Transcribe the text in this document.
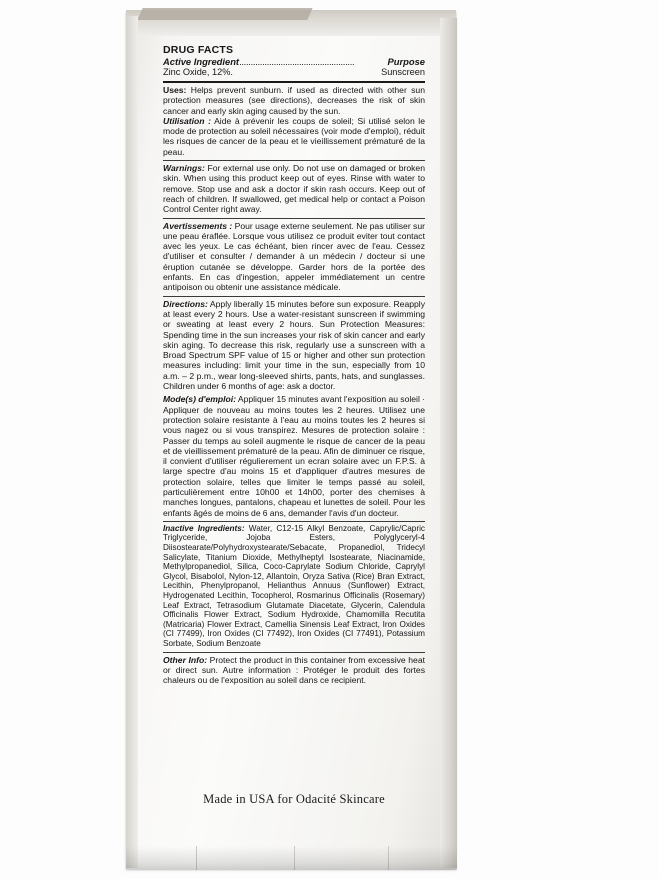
DRUG FACTS
Active Ingredient ..................................................	Purpose
Zinc Oxide, 12%.	Sunscreen
Uses: Helps prevent sunburn. if used as directed with other sun protection measures (see directions), decreases the risk of skin cancer and early skin aging caused by the sun.
Utilisation : Aide à prévenir les coups de soleil; Si utilisé selon le mode de protection au soleil nécessaires (voir mode d'emploi), réduit les risques de cancer de la peau et le vieillissement prématuré de la peau.
Warnings: For external use only. Do not use on damaged or broken skin. When using this product keep out of eyes. Rinse with water to remove. Stop use and ask a doctor if skin rash occurs. Keep out of reach of children. If swallowed, get medical help or contact a Poison Control Center right away.
Avertissements : Pour usage externe seulement. Ne pas utiliser sur une peau éraflée. Lorsque vous utilisez ce produit eviter tout contact avec les yeux. Le cas échéant, bien rincer avec de l'eau. Cessez d'utiliser et consulter / demander à un médecin / docteur si une éruption cutanée se développe. Garder hors de la portée des enfants. En cas d'ingestion, appeler immédiatement un centre antipoison ou obtenir une assistance médicale.
Directions: Apply liberally 15 minutes before sun exposure. Reapply at least every 2 hours. Use a water-resistant sunscreen if swimming or sweating at least every 2 hours. Sun Protection Measures: Spending time in the sun increases your risk of skin cancer and early skin aging. To decrease this risk, regularly use a sunscreen with a Broad Spectrum SPF value of 15 or higher and other sun protection measures including: limit your time in the sun, especially from 10 a.m. – 2 p.m., wear long-sleeved shirts, pants, hats, and sunglasses. Children under 6 months of age: ask a doctor.
Mode(s) d'emploi: Appliquer 15 minutes avant l'exposition au soleil · Appliquer de nouveau au moins toutes les 2 heures. Utilisez une protection solaire resistante à l'eau au moins toutes les 2 heures si vous nagez ou si vous transpirez. Mesures de protection solaire : Passer du temps au soleil augmente le risque de cancer de la peau et de vieillissement prématuré de la peau. Afin de diminuer ce risque, il convient d'utiliser régulierement un ecran solaire avec un F.P.S. à large spectre d'au moins 15 et d'appliquer d'autres mesures de protection solaire, telles que limiter le temps passé au soleil, particulièrement entre 10h00 et 14h00, porter des chemises à manches longues, pantalons, chapeau et lunettes de soleil. Pour les enfants âgés de moins de 6 ans, demander l'avis d'un docteur.
Inactive Ingredients: Water, C12-15 Alkyl Benzoate, Caprylic/Capric Triglyceride, Jojoba Esters, Polyglyceryl-4 Diisostearate/Polyhydroxystearate/Sebacate, Propanediol, Tridecyl Salicylate, Titanium Dioxide, Methylheptyl Isostearate, Niacinamide, Methylpropanediol, Silica, Coco-Caprylate Sodium Chloride, Caprylyl Glycol, Bisabolol, Nylon-12, Allantoin, Oryza Sativa (Rice) Bran Extract, Lecithin, Phenylpropanol, Helianthus Annuus (Sunflower) Extract, Hydrogenated Lecithin, Tocopherol, Rosmarinus Officinalis (Rosemary) Leaf Extract, Tetrasodium Glutamate Diacetate, Glycerin, Calendula Officinalis Flower Extract, Sodium Hydroxide, Chamomilla Recutita (Matricaria) Flower Extract, Camellia Sinensis Leaf Extract, Iron Oxides (CI 77499), Iron Oxides (CI 77492), Iron Oxides (CI 77491), Potassium Sorbate, Sodium Benzoate
Other Info: Protect the product in this container from excessive heat or direct sun. Autre information : Protéger le produit des fortes chaleurs ou de l'exposition au soleil dans ce recipient.
Made in USA for Odacité Skincare
